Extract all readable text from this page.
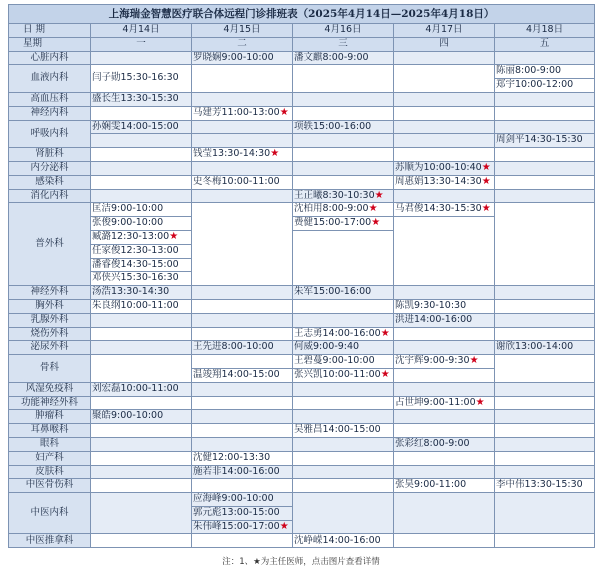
上海瑞金智慧医疗联合体远程门诊排班表（2025年4月14日—2025年4月18日）					
日 期	4月14日	4月15日	4月16日	4月17日	4月18日
星期	一	二	三	四	五
心脏内科		罗晓娴9:00-10:00	潘文麒8:00-9:00		
血液内科	闫子勋15:30-16:30				陈丽8:00-9:00
					郑宇10:00-12:00
高血压科	盛长生13:30-15:30				
神经内科		马建芳11:00-13:00★			
呼吸内科	孙娴雯14:00-15:00		项轶15:00-16:00		
					周剑平14:30-15:30
肾脏科		钱莹13:30-14:30★			
内分泌科				苏顺为10:00-10:40★	
感染科		史冬梅10:00-11:00		周惠娟13:30-14:30★	
消化内科			王正曦8:30-10:30★		
普外科	匡洁9:00-10:00		沈柏用8:00-9:00★	马君俊14:30-15:30★	
	张俊9:00-10:00		费健15:00-17:00★		
	臧潞12:30-13:00★				
	任家俊12:30-13:00				
	潘睿俊14:30-15:00				
	邓侠兴15:30-16:30				
神经外科	汤浩13:30-14:30		朱军15:00-16:00		
胸外科	朱良纲10:00-11:00			陈凯9:30-10:30	
乳腺外科				洪进14:00-16:00	
烧伤外科			王志勇14:00-16:00★		
泌尿外科		王先进8:00-10:00	何威9:00-9:40		谢欣13:00-14:00
骨科			王碧蔓9:00-10:00	沈宇辉9:00-9:30★	
		温竣翔14:00-15:00	张兴凯10:00-11:00★		
风湿免疫科	刘宏磊10:00-11:00				
功能神经外科				占世坤9:00-11:00★	
肿瘤科	聚皓9:00-10:00				
耳鼻喉科			吴雅昌14:00-15:00		
眼科				张彩红8:00-9:00	
妇产科		沈健12:00-13:30			
皮肤科		施若非14:00-16:00			
中医骨伤科				张昊9:00-11:00	李中伟13:30-15:30
中医内科		应海峰9:00-10:00			
		郭元彪13:00-15:00			
		朱伟峰15:00-17:00★			
中医推拿科			沈峥嵘14:00-16:00		
注：1、★为主任医师，点击图片查看详情
